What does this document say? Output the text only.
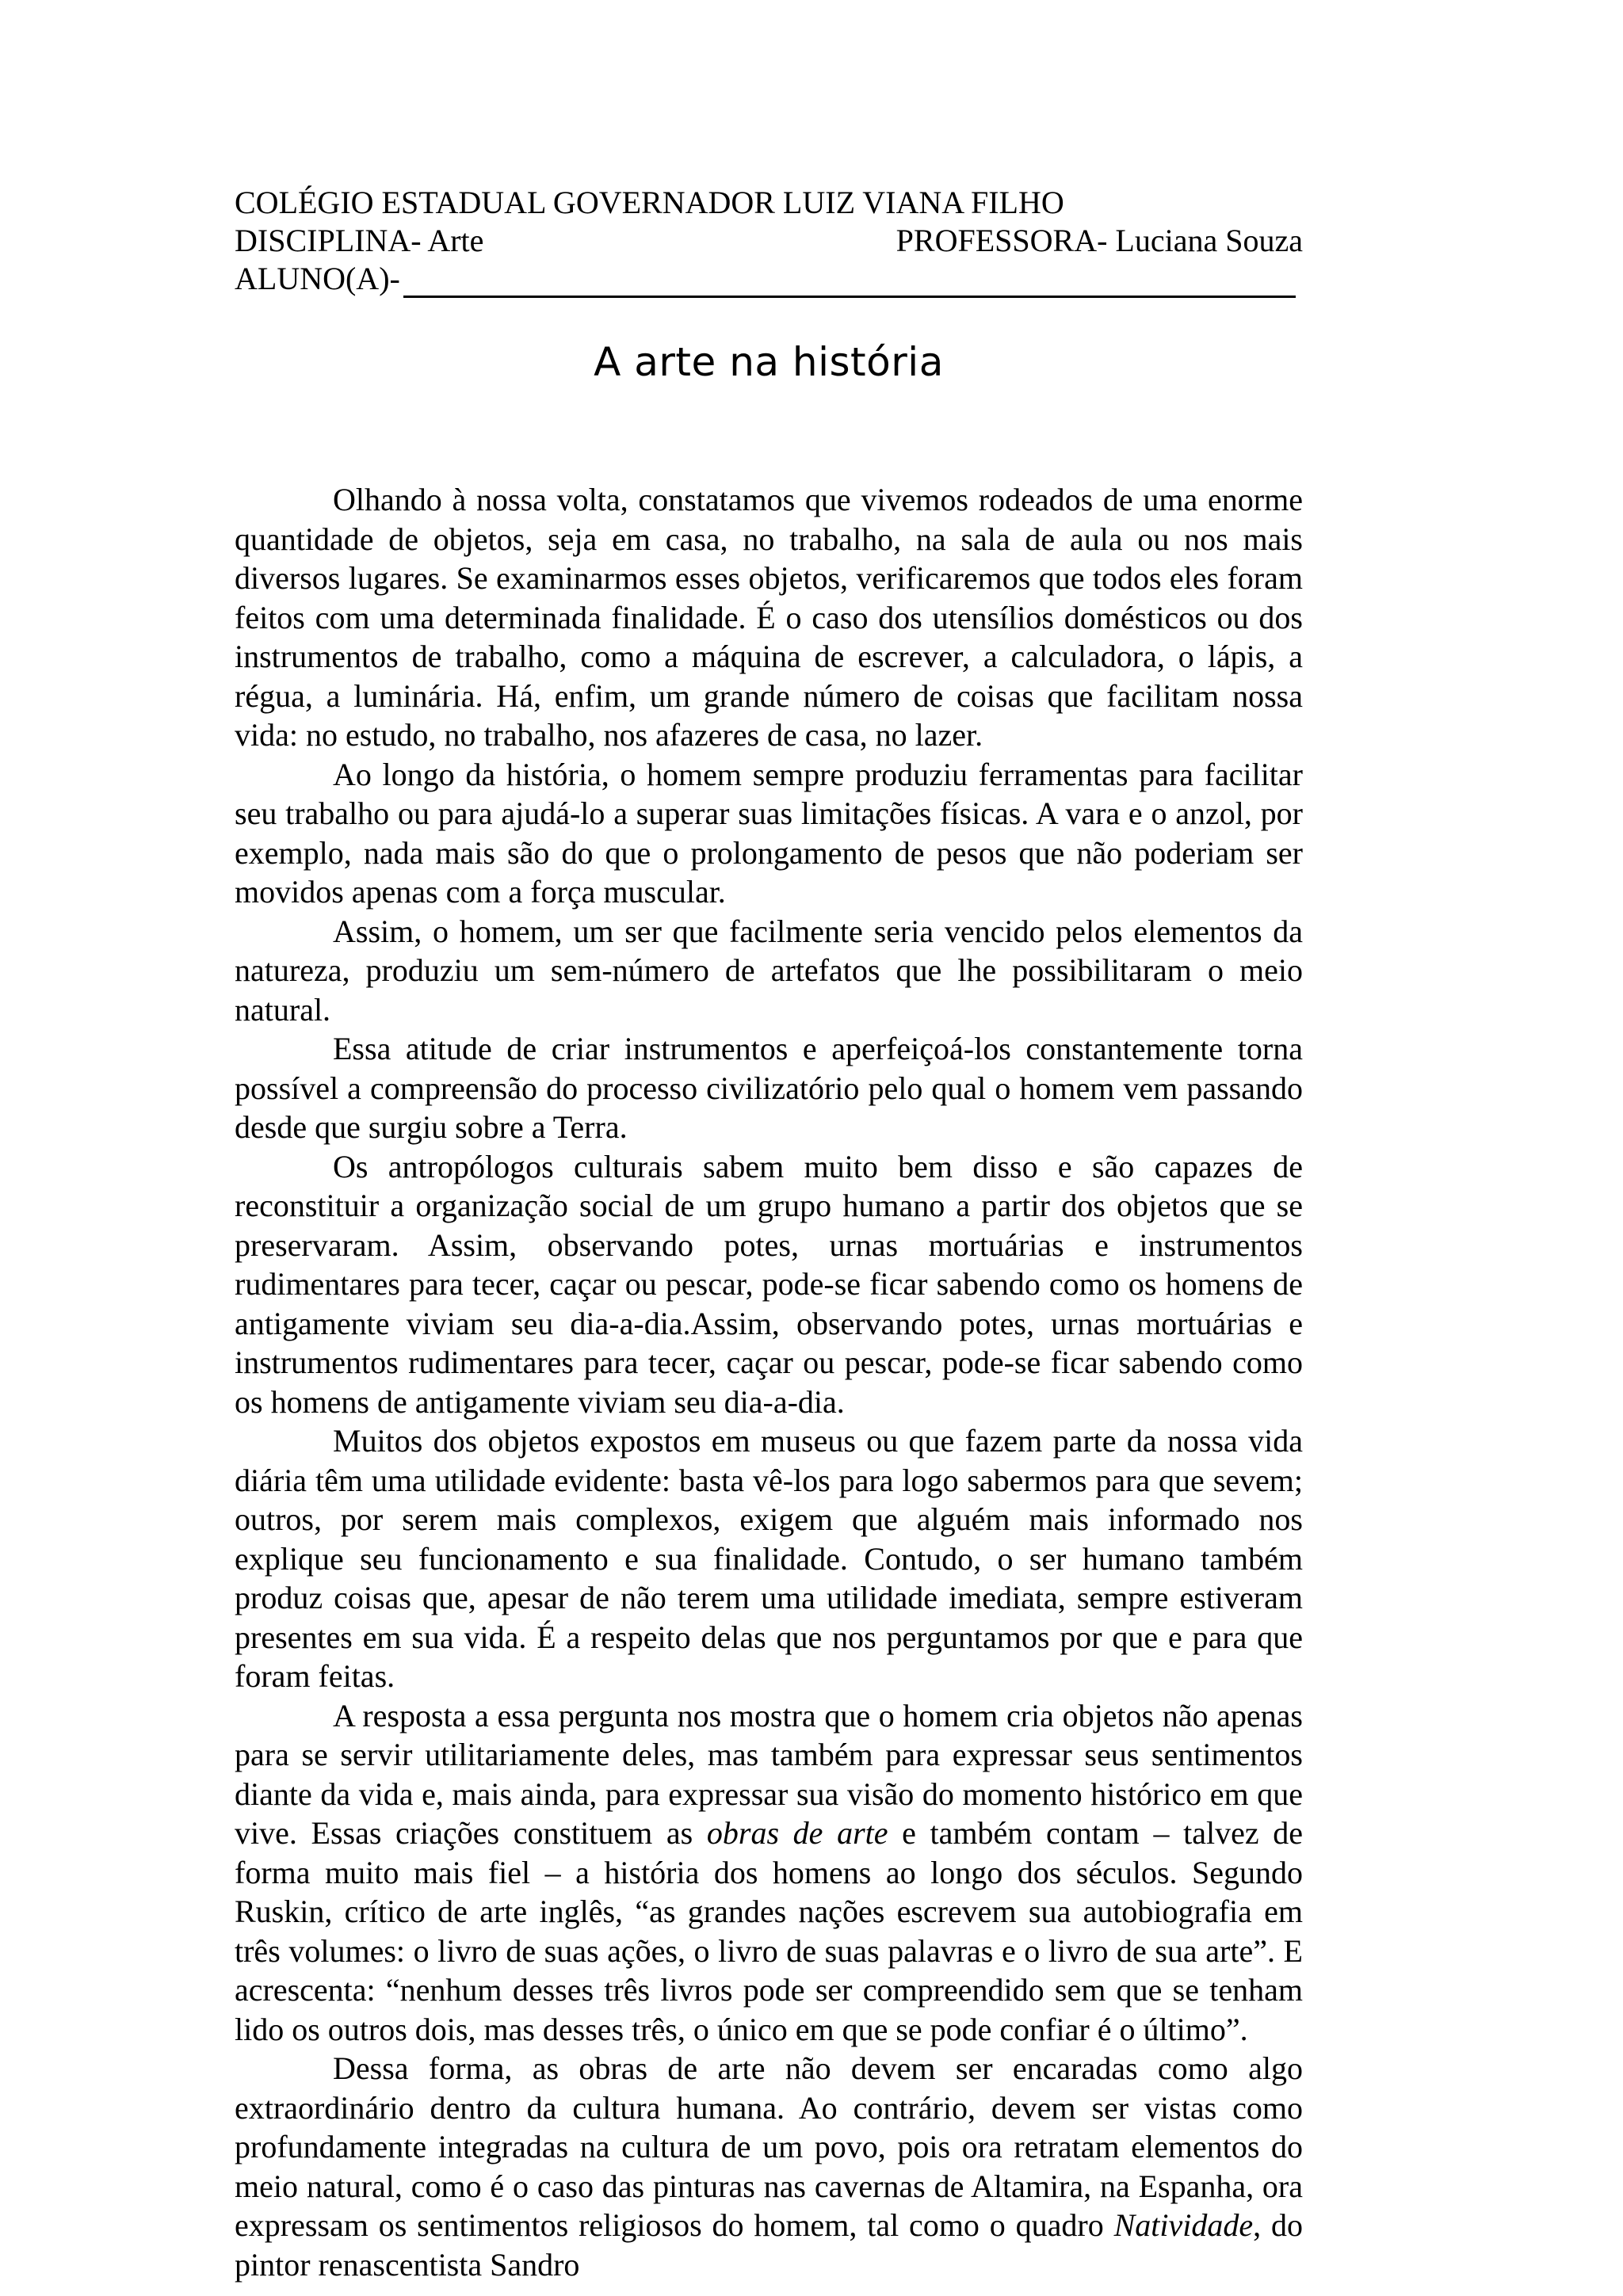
COLÉGIO ESTADUAL GOVERNADOR LUIZ VIANA FILHO
DISCIPLINA- Arte	PROFESSORA- Luciana Souza
ALUNO(A)-
A arte na história

Olhando à nossa volta, constatamos que vivemos rodeados de uma enorme quantidade de objetos, seja em casa, no trabalho, na sala de aula ou nos mais diversos lugares. Se examinarmos esses objetos, verificaremos que todos eles foram feitos com uma determinada finalidade. É o caso dos utensílios domésticos ou dos instrumentos de trabalho, como a máquina de escrever, a calculadora, o lápis, a régua, a luminária. Há, enfim, um grande número de coisas que facilitam nossa vida: no estudo, no trabalho, nos afazeres de casa, no lazer.

Ao longo da história, o homem sempre produziu ferramentas para facilitar seu trabalho ou para ajudá-lo a superar suas limitações físicas. A vara e o anzol, por exemplo, nada mais são do que o prolongamento de pesos que não poderiam ser movidos apenas com a força muscular.

Assim, o homem, um ser que facilmente seria vencido pelos elementos da natureza, produziu um sem-número de artefatos que lhe possibilitaram o meio natural.

Essa atitude de criar instrumentos e aperfeiçoá-los constantemente torna possível a compreensão do processo civilizatório pelo qual o homem vem passando desde que surgiu sobre a Terra.

Os antropólogos culturais sabem muito bem disso e são capazes de reconstituir a organização social de um grupo humano a partir dos objetos que se preservaram. Assim, observando potes, urnas mortuárias e instrumentos rudimentares para tecer, caçar ou pescar, pode-se ficar sabendo como os homens de antigamente viviam seu dia-a-dia.Assim, observando potes, urnas mortuárias e instrumentos rudimentares para tecer, caçar ou pescar, pode-se ficar sabendo como os homens de antigamente viviam seu dia-a-dia.

Muitos dos objetos expostos em museus ou que fazem parte da nossa vida diária têm uma utilidade evidente: basta vê-los para logo sabermos para que sevem; outros, por serem mais complexos, exigem que alguém mais informado nos explique seu funcionamento e sua finalidade. Contudo, o ser humano também produz coisas que, apesar de não terem uma utilidade imediata, sempre estiveram presentes em sua vida. É a respeito delas que nos perguntamos por que e para que foram feitas.

A resposta a essa pergunta nos mostra que o homem cria objetos não apenas para se servir utilitariamente deles, mas também para expressar seus sentimentos diante da vida e, mais ainda, para expressar sua visão do momento histórico em que vive. Essas criações constituem as obras de arte e também contam – talvez de forma muito mais fiel – a história dos homens ao longo dos séculos. Segundo Ruskin, crítico de arte inglês, “as grandes nações escrevem sua autobiografia em três volumes: o livro de suas ações, o livro de suas palavras e o livro de sua arte”. E acrescenta: “nenhum desses três livros pode ser compreendido sem que se tenham lido os outros dois, mas desses três, o único em que se pode confiar é o último”.

Dessa forma, as obras de arte não devem ser encaradas como algo extraordinário dentro da cultura humana. Ao contrário, devem ser vistas como profundamente integradas na cultura de um povo, pois ora retratam elementos do meio natural, como é o caso das pinturas nas cavernas de Altamira, na Espanha, ora expressam os sentimentos religiosos do homem, tal como o quadro Natividade, do pintor renascentista Sandro
